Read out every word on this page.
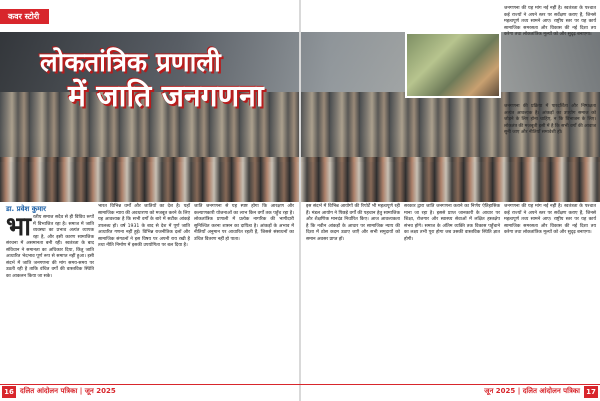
कवर स्टोरी
लोकतांत्रिक प्रणाली
में जाति जनगणना
डा. प्रवेश कुमार
भा रतीय समाज सदैव से ही विविध रूपों में विभाजित रहा है। समाज में जाति व्यवस्था का प्रभाव अत्यंत व्यापक रहा है, और इसी कारण सामाजिक संरचना में असमानता बनी रही। स्वतंत्रता के बाद संविधान ने समानता का अधिकार दिया, किंतु जाति आधारित भेदभाव पूर्ण रूप से समाप्त नहीं हुआ। इसी संदर्भ में जाति जनगणना की मांग समय-समय पर उठती रही है ताकि वंचित वर्गों की वास्तविक स्थिति का आकलन किया जा सके।

भारत विभिन्न धर्मों और जातियों का देश है। यहाँ सामाजिक न्याय की अवधारणा को मजबूत करने के लिए यह आवश्यक है कि सभी वर्गों के बारे में सटीक आंकड़े उपलब्ध हों। वर्ष 1931 के बाद से देश में पूर्ण जाति आधारित गणना नहीं हुई। विभिन्न राजनीतिक दलों और सामाजिक संगठनों ने इस विषय पर अपनी राय रखी है तथा नीति निर्माण में इसकी उपयोगिता पर बल दिया है।

जाति जनगणना से यह स्पष्ट होगा कि आरक्षण और कल्याणकारी योजनाओं का लाभ किन वर्गों तक पहुँच रहा है। लोकतांत्रिक प्रणाली में प्रत्येक नागरिक की भागीदारी सुनिश्चित करना शासन का दायित्व है। आंकड़ों के अभाव में नीतियाँ अनुमान पर आधारित रहती हैं, जिससे संसाधनों का उचित वितरण नहीं हो पाता।

इस संदर्भ में विभिन्न आयोगों की रिपोर्टें भी महत्वपूर्ण रही हैं। मंडल आयोग ने पिछड़े वर्गों की पहचान हेतु सामाजिक और शैक्षणिक मानदंड निर्धारित किए। आज आवश्यकता है कि नवीन आंकड़ों के आधार पर सामाजिक न्याय की दिशा में ठोस कदम उठाए जाएँ और सभी समुदायों को समान अवसर प्राप्त हों।

सरकार द्वारा जाति जनगणना कराने का निर्णय ऐतिहासिक माना जा रहा है। इससे प्राप्त जानकारी के आधार पर शिक्षा, रोजगार और स्वास्थ्य सेवाओं में लक्षित हस्तक्षेप संभव होंगे। समाज के अंतिम व्यक्ति तक विकास पहुँचाने का लक्ष्य तभी पूरा होगा जब उसकी वास्तविक स्थिति ज्ञात होगी।

जनगणना की प्रक्रिया में पारदर्शिता और निष्पक्षता अत्यंत आवश्यक है। आंकड़ों का उपयोग समाज को जोड़ने के लिए होना चाहिए, न कि विभाजन के लिए। लोकतंत्र की मजबूती इसी में है कि सभी वर्गों की आवाज सुनी जाए और नीतियाँ समावेशी हों।

जनगणना की यह मांग नई नहीं है। स्वतंत्रता के पश्चात कई राज्यों ने अपने स्तर पर सर्वेक्षण कराए हैं, जिनसे महत्वपूर्ण तथ्य सामने आए। राष्ट्रीय स्तर पर यह कार्य सामाजिक समरसता और विकास की नई दिशा तय करेगा तथा लोकतांत्रिक मूल्यों को और सुदृढ़ बनाएगा।

जनगणना की यह मांग नई नहीं है। स्वतंत्रता के पश्चात कई राज्यों ने अपने स्तर पर सर्वेक्षण कराए हैं, जिनसे महत्वपूर्ण तथ्य सामने आए। राष्ट्रीय स्तर पर यह कार्य सामाजिक समरसता और विकास की नई दिशा तय करेगा तथा लोकतांत्रिक मूल्यों को और सुदृढ़ बनाएगा।

16 दलित आंदोलन पत्रिका | जून 2025	जून 2025 | दलित आंदोलन पत्रिका 17
